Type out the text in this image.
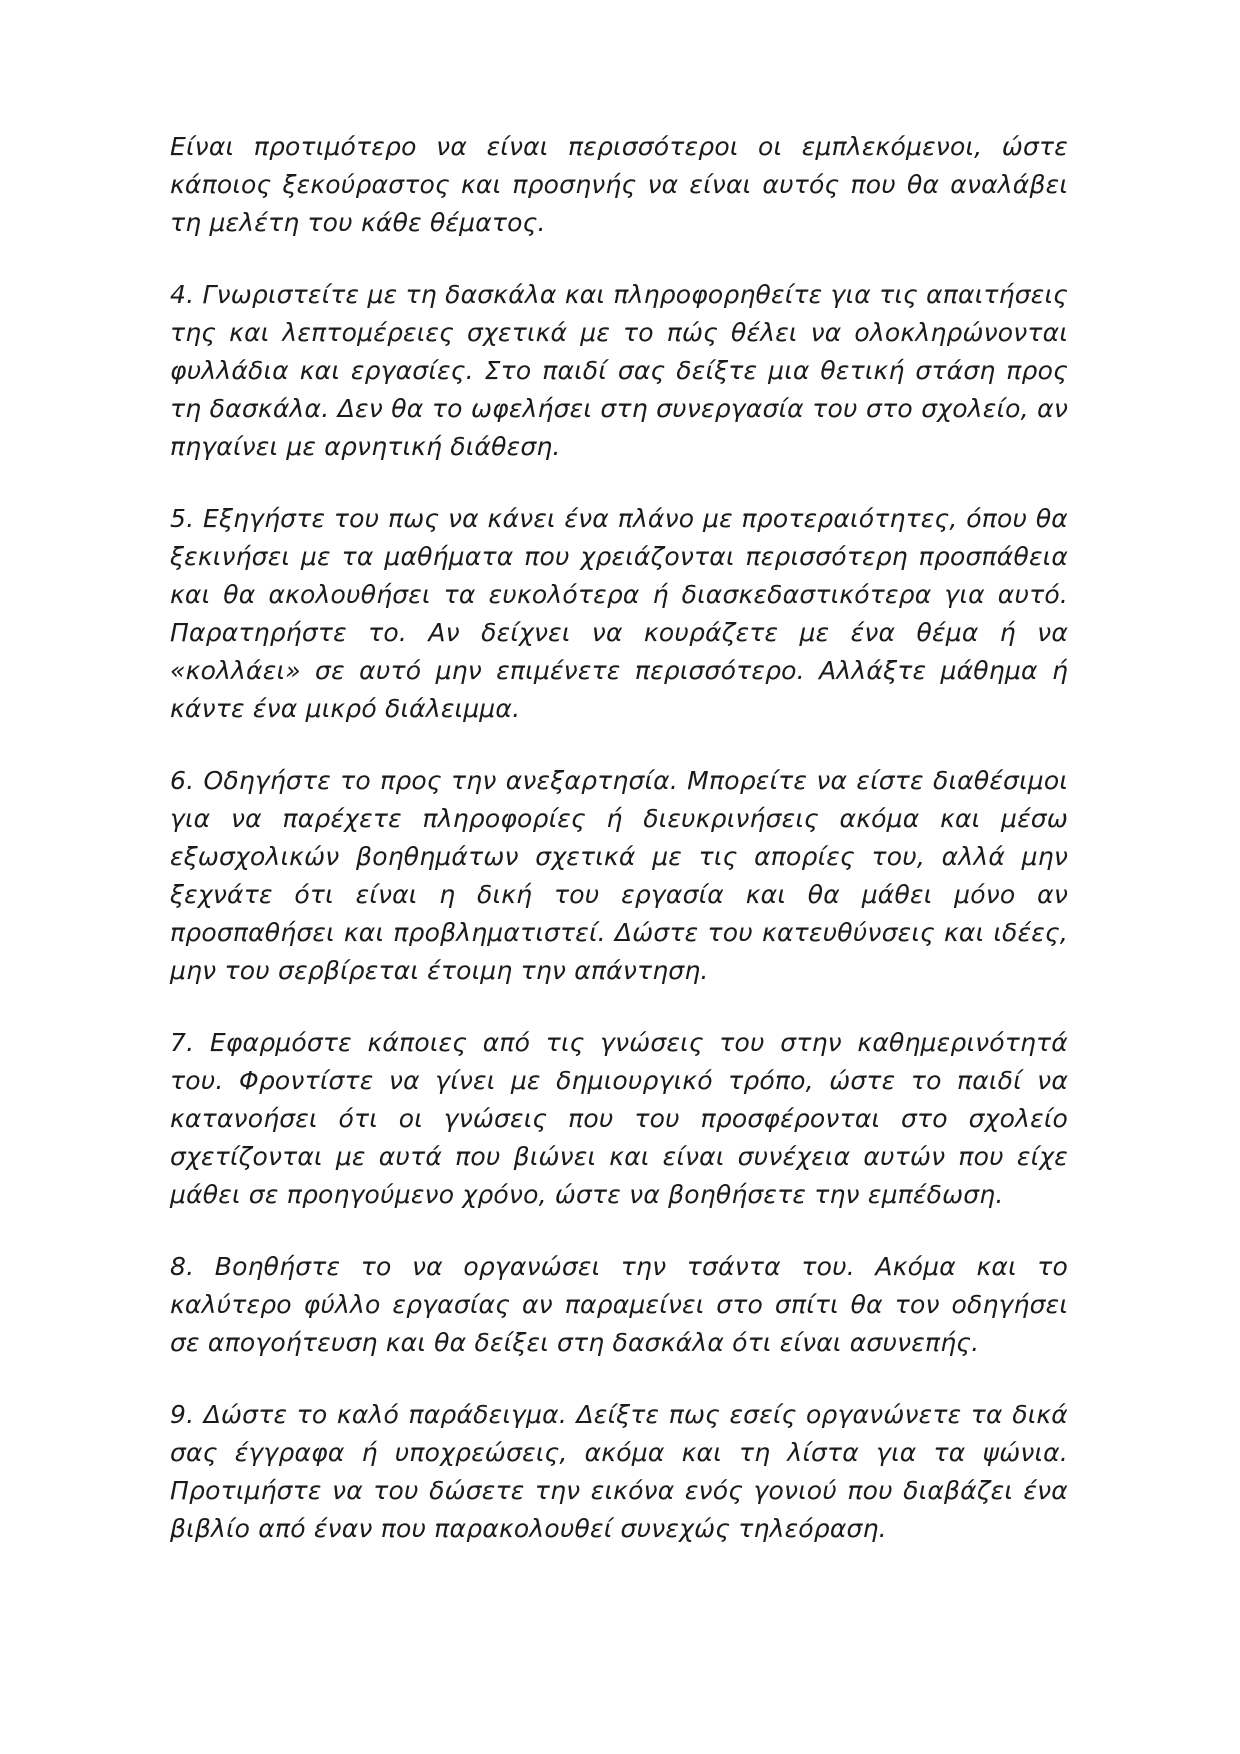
Είναι προτιμότερο να είναι περισσότεροι οι εμπλεκόμενοι, ώστε κάποιος ξεκούραστος και προσηνής να είναι αυτός που θα αναλάβει τη μελέτη του κάθε θέματος.

4. Γνωριστείτε με τη δασκάλα και πληροφορηθείτε για τις απαιτήσεις της και λεπτομέρειες σχετικά με το πώς θέλει να ολοκληρώνονται φυλλάδια και εργασίες. Στο παιδί σας δείξτε μια θετική στάση προς τη δασκάλα. Δεν θα το ωφελήσει στη συνεργασία του στο σχολείο, αν πηγαίνει με αρνητική διάθεση.

5. Εξηγήστε του πως να κάνει ένα πλάνο με προτεραιότητες, όπου θα ξεκινήσει με τα μαθήματα που χρειάζονται περισσότερη προσπάθεια και θα ακολουθήσει τα ευκολότερα ή διασκεδαστικότερα για αυτό. Παρατηρήστε το. Αν δείχνει να κουράζετε με ένα θέμα ή να «κολλάει» σε αυτό μην επιμένετε περισσότερο. Αλλάξτε μάθημα ή κάντε ένα μικρό διάλειμμα.

6. Οδηγήστε το προς την ανεξαρτησία. Μπορείτε να είστε διαθέσιμοι για να παρέχετε πληροφορίες ή διευκρινήσεις ακόμα και μέσω εξωσχολικών βοηθημάτων σχετικά με τις απορίες του, αλλά μην ξεχνάτε ότι είναι η δική του εργασία και θα μάθει μόνο αν προσπαθήσει και προβληματιστεί. Δώστε του κατευθύνσεις και ιδέες, μην του σερβίρεται έτοιμη την απάντηση.

7. Εφαρμόστε κάποιες από τις γνώσεις του στην καθημερινότητά του. Φροντίστε να γίνει με δημιουργικό τρόπο, ώστε το παιδί να κατανοήσει ότι οι γνώσεις που του προσφέρονται στο σχολείο σχετίζονται με αυτά που βιώνει και είναι συνέχεια αυτών που είχε μάθει σε προηγούμενο χρόνο, ώστε να βοηθήσετε την εμπέδωση.

8. Βοηθήστε το να οργανώσει την τσάντα του. Ακόμα και το καλύτερο φύλλο εργασίας αν παραμείνει στο σπίτι θα τον οδηγήσει σε απογοήτευση και θα δείξει στη δασκάλα ότι είναι ασυνεπής.

9. Δώστε το καλό παράδειγμα. Δείξτε πως εσείς οργανώνετε τα δικά σας έγγραφα ή υποχρεώσεις, ακόμα και τη λίστα για τα ψώνια. Προτιμήστε να του δώσετε την εικόνα ενός γονιού που διαβάζει ένα βιβλίο από έναν που παρακολουθεί συνεχώς τηλεόραση.
